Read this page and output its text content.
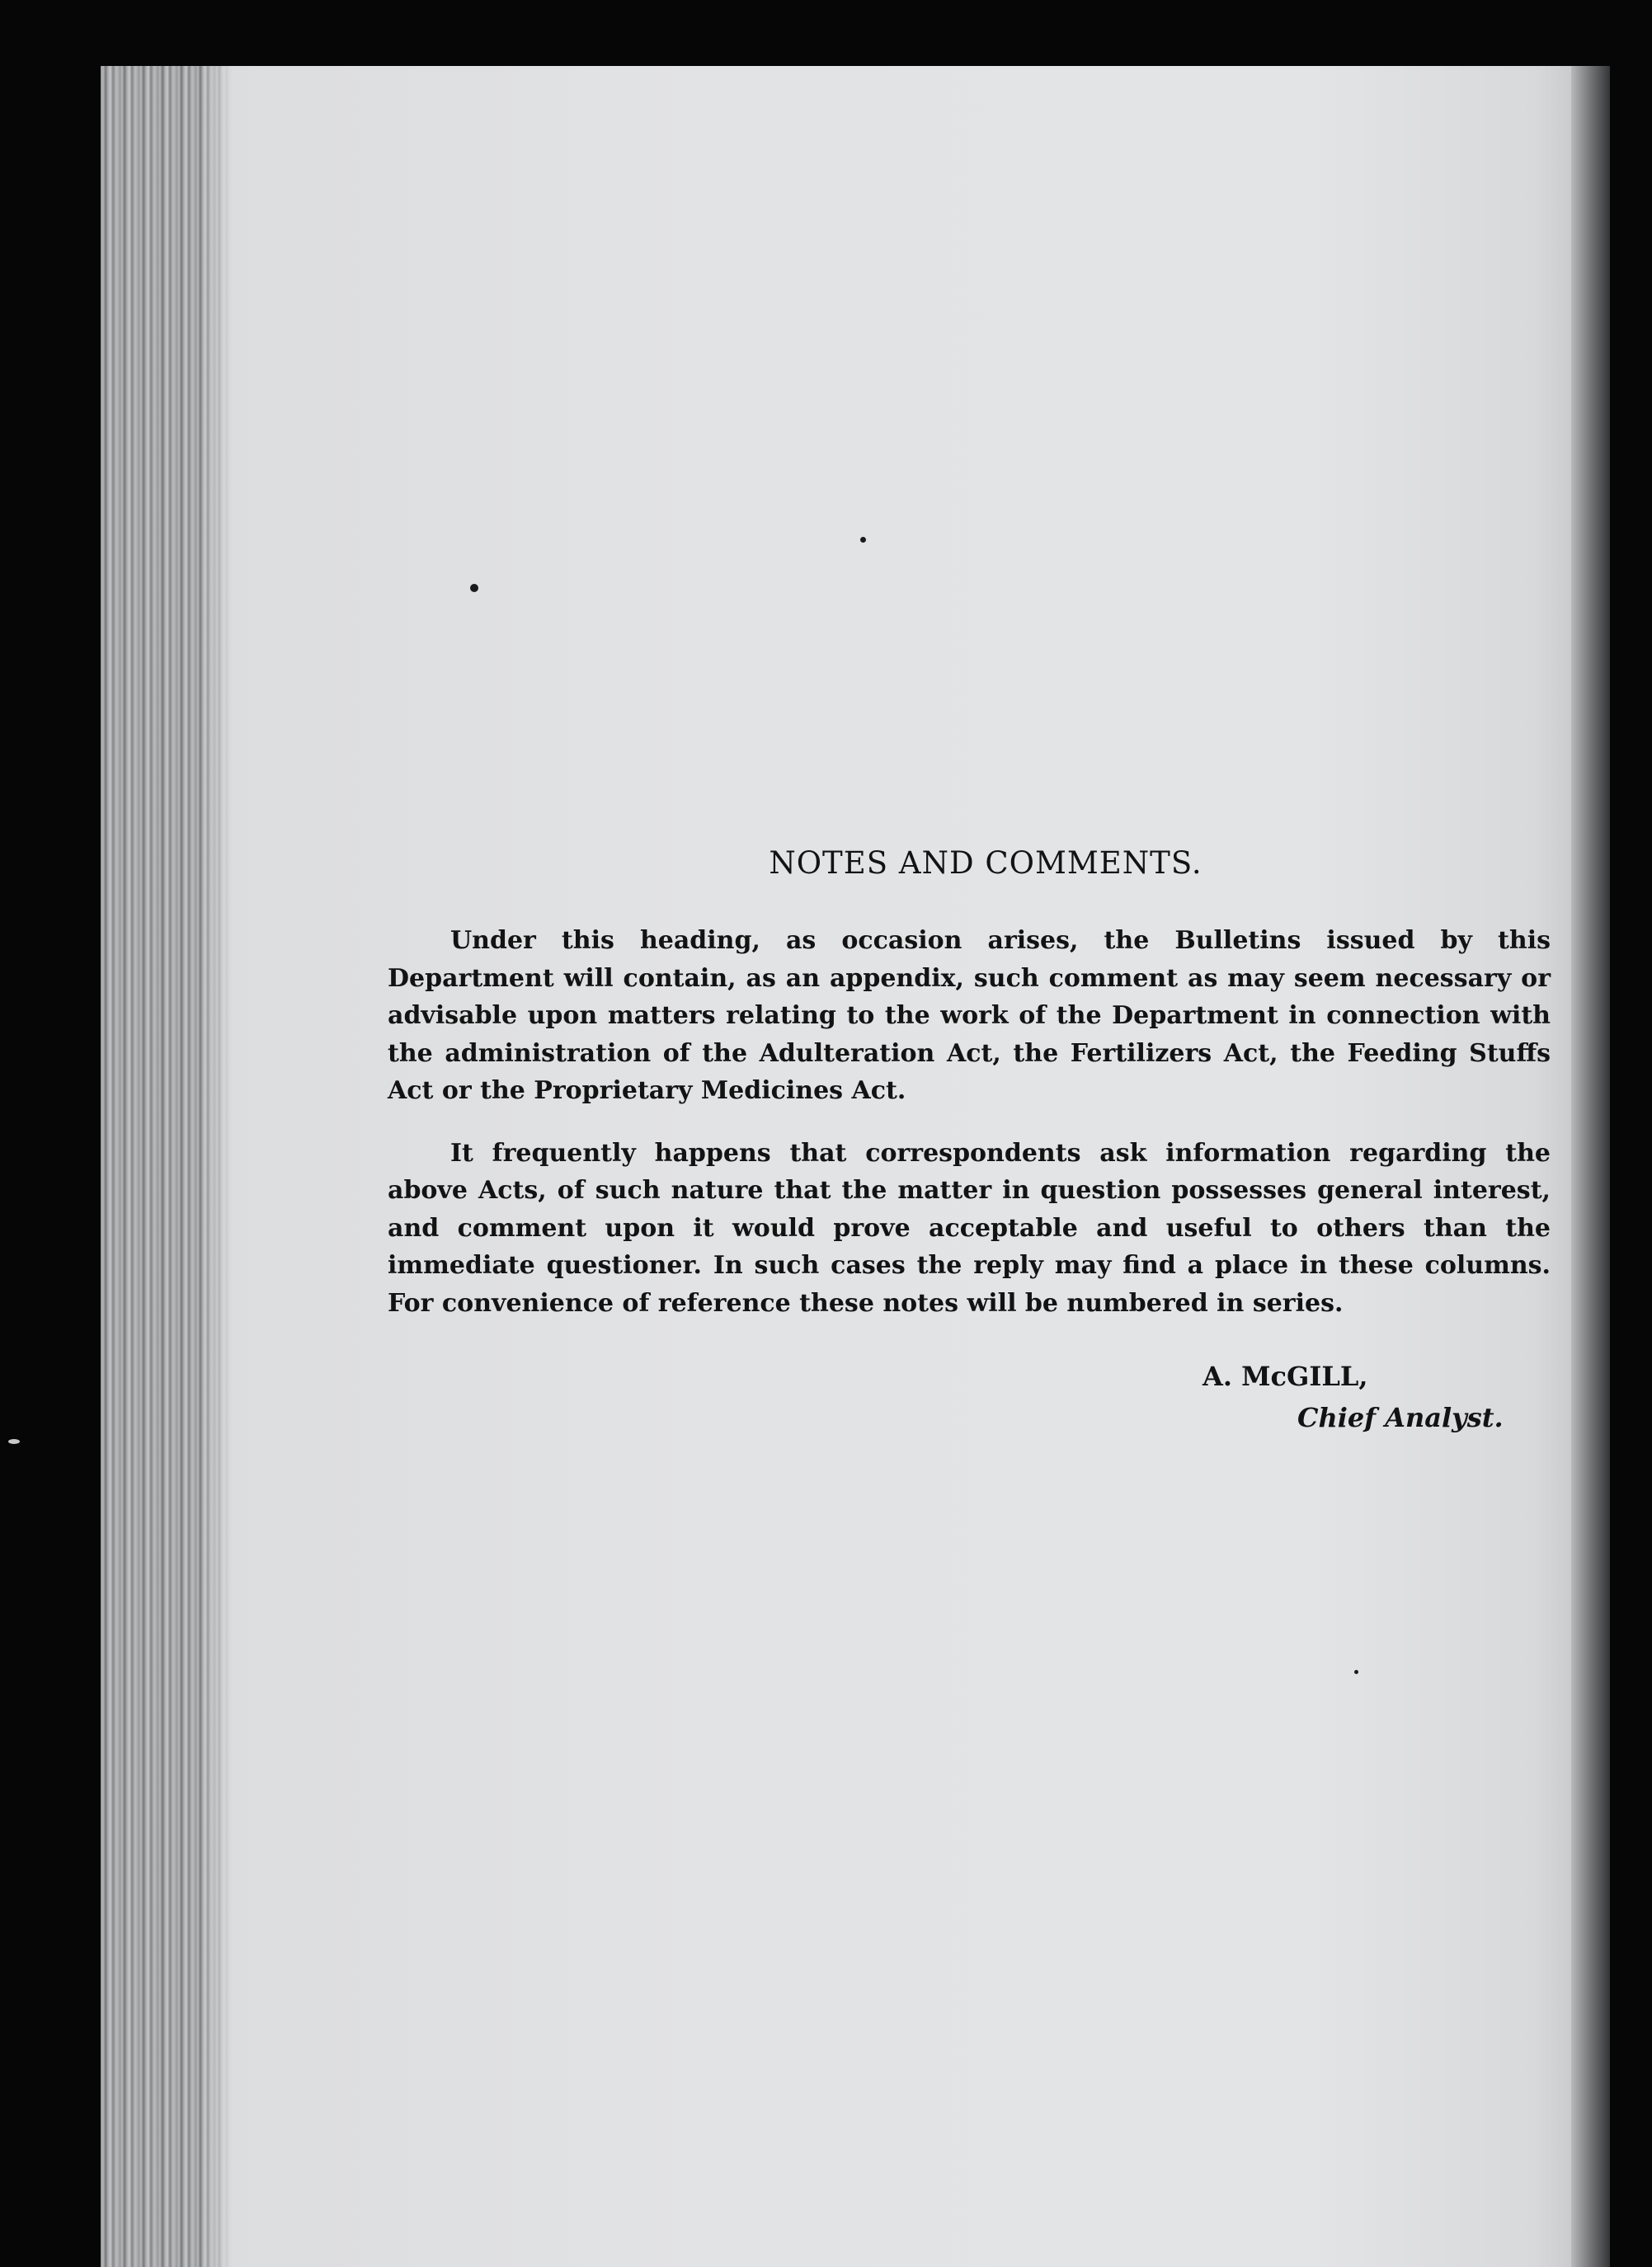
NOTES AND COMMENTS.

Under this heading, as occasion arises, the Bulletins issued by this Department will contain, as an appendix, such comment as may seem necessary or advisable upon matters relating to the work of the Department in connection with the administration of the Adulteration Act, the Fertilizers Act, the Feeding Stuffs Act or the Proprietary Medicines Act.

It frequently happens that correspondents ask information regarding the above Acts, of such nature that the matter in question possesses general interest, and comment upon it would prove acceptable and useful to others than the immediate questioner. In such cases the reply may find a place in these columns. For convenience of reference these notes will be numbered in series.

A. McGILL,
Chief Analyst.
